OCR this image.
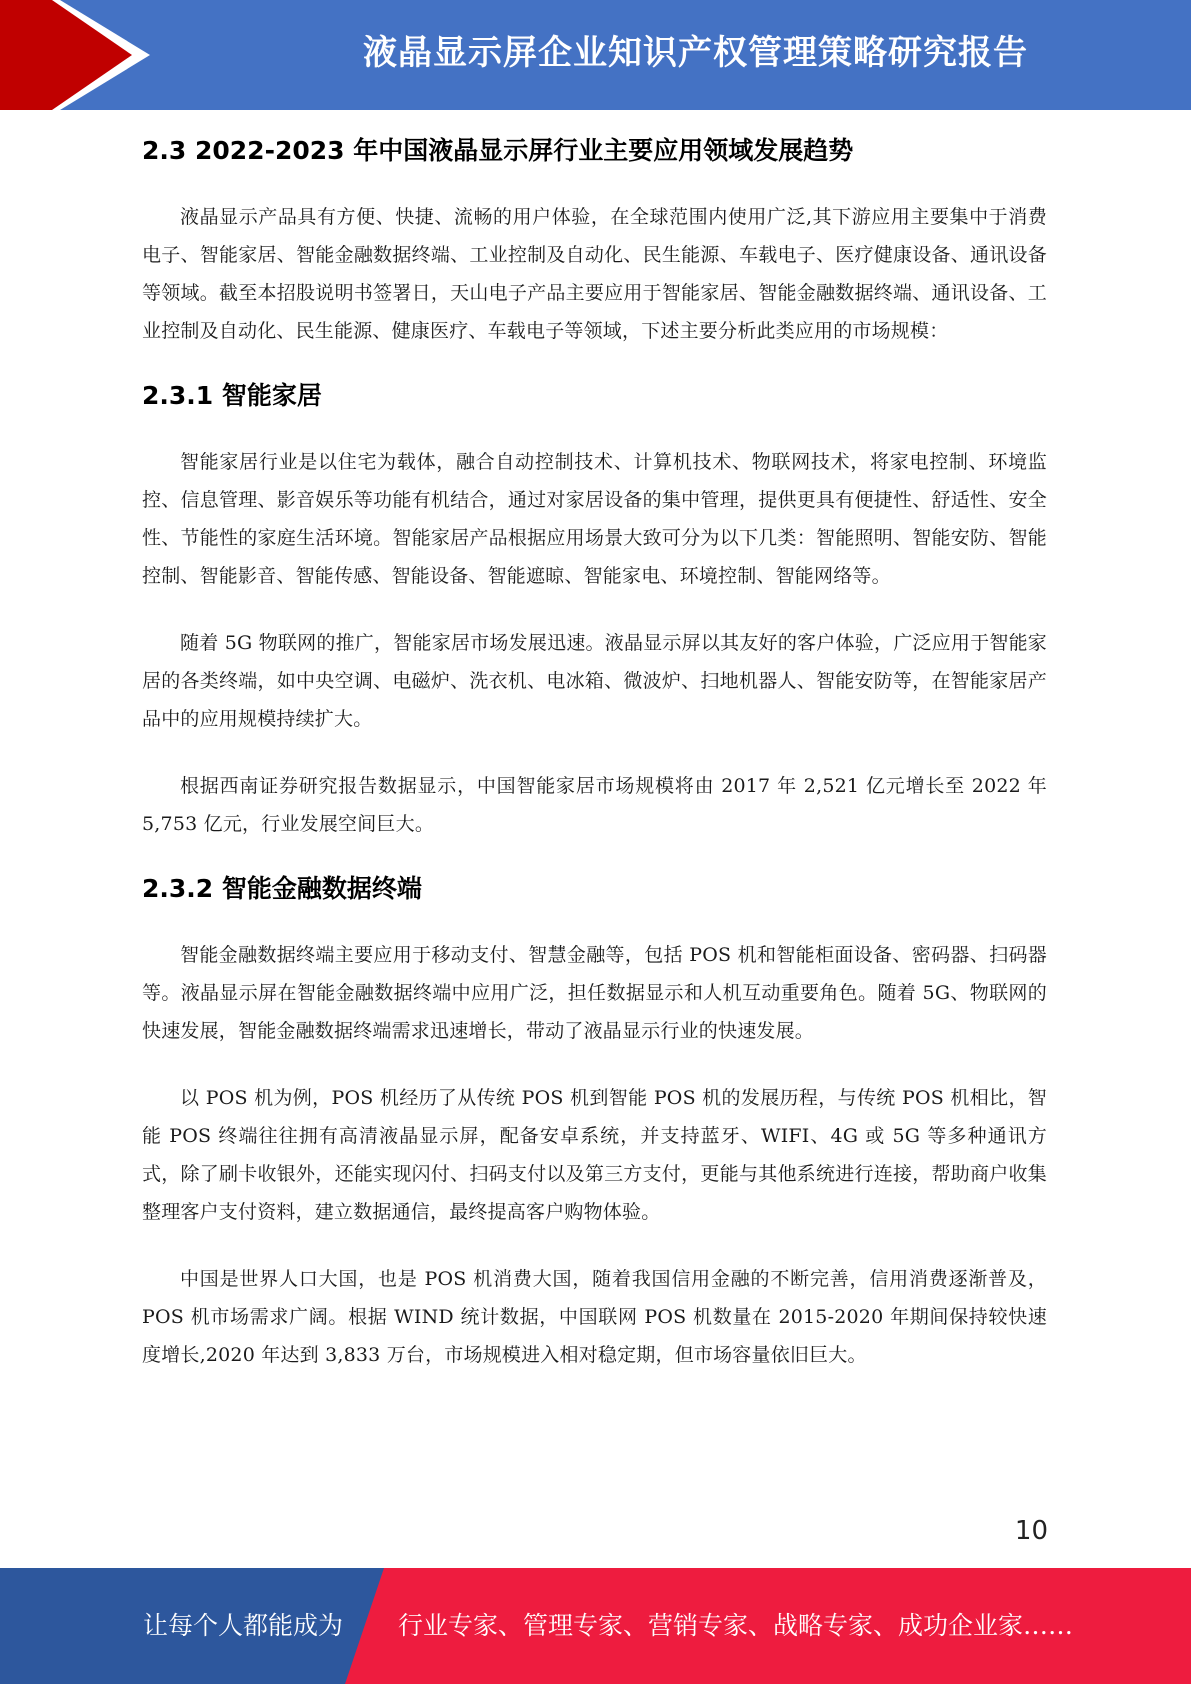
液晶显示屏企业知识产权管理策略研究报告
2.3 2022-2023 年中国液晶显示屏行业主要应用领域发展趋势

液晶显示产品具有方便、快捷、流畅的用户体验，在全球范围内使用广泛,其下游应用主要集中于消费电子、智能家居、智能金融数据终端、工业控制及自动化、民生能源、车载电子、医疗健康设备、通讯设备等领域。截至本招股说明书签署日，天山电子产品主要应用于智能家居、智能金融数据终端、通讯设备、工业控制及自动化、民生能源、健康医疗、车载电子等领域，下述主要分析此类应用的市场规模：

2.3.1 智能家居

智能家居行业是以住宅为载体，融合自动控制技术、计算机技术、物联网技术，将家电控制、环境监控、信息管理、影音娱乐等功能有机结合，通过对家居设备的集中管理，提供更具有便捷性、舒适性、安全性、节能性的家庭生活环境。智能家居产品根据应用场景大致可分为以下几类：智能照明、智能安防、智能控制、智能影音、智能传感、智能设备、智能遮晾、智能家电、环境控制、智能网络等。

随着 5G 物联网的推广，智能家居市场发展迅速。液晶显示屏以其友好的客户体验，广泛应用于智能家居的各类终端，如中央空调、电磁炉、洗衣机、电冰箱、微波炉、扫地机器人、智能安防等，在智能家居产品中的应用规模持续扩大。

根据西南证券研究报告数据显示，中国智能家居市场规模将由 2017 年 2,521 亿元增长至 2022 年 5,753 亿元，行业发展空间巨大。

2.3.2 智能金融数据终端

智能金融数据终端主要应用于移动支付、智慧金融等，包括 POS 机和智能柜面设备、密码器、扫码器等。液晶显示屏在智能金融数据终端中应用广泛，担任数据显示和人机互动重要角色。随着 5G、物联网的快速发展，智能金融数据终端需求迅速增长，带动了液晶显示行业的快速发展。

以 POS 机为例，POS 机经历了从传统 POS 机到智能 POS 机的发展历程，与传统 POS 机相比，智能 POS 终端往往拥有高清液晶显示屏，配备安卓系统，并支持蓝牙、WIFI、4G 或 5G 等多种通讯方式，除了刷卡收银外，还能实现闪付、扫码支付以及第三方支付，更能与其他系统进行连接，帮助商户收集整理客户支付资料，建立数据通信，最终提高客户购物体验。

中国是世界人口大国，也是 POS 机消费大国，随着我国信用金融的不断完善，信用消费逐渐普及，POS 机市场需求广阔。根据 WIND 统计数据，中国联网 POS 机数量在 2015-2020 年期间保持较快速度增长,2020 年达到 3,833 万台，市场规模进入相对稳定期，但市场容量依旧巨大。

10
让每个人都能成为 行业专家、管理专家、营销专家、战略专家、成功企业家……
